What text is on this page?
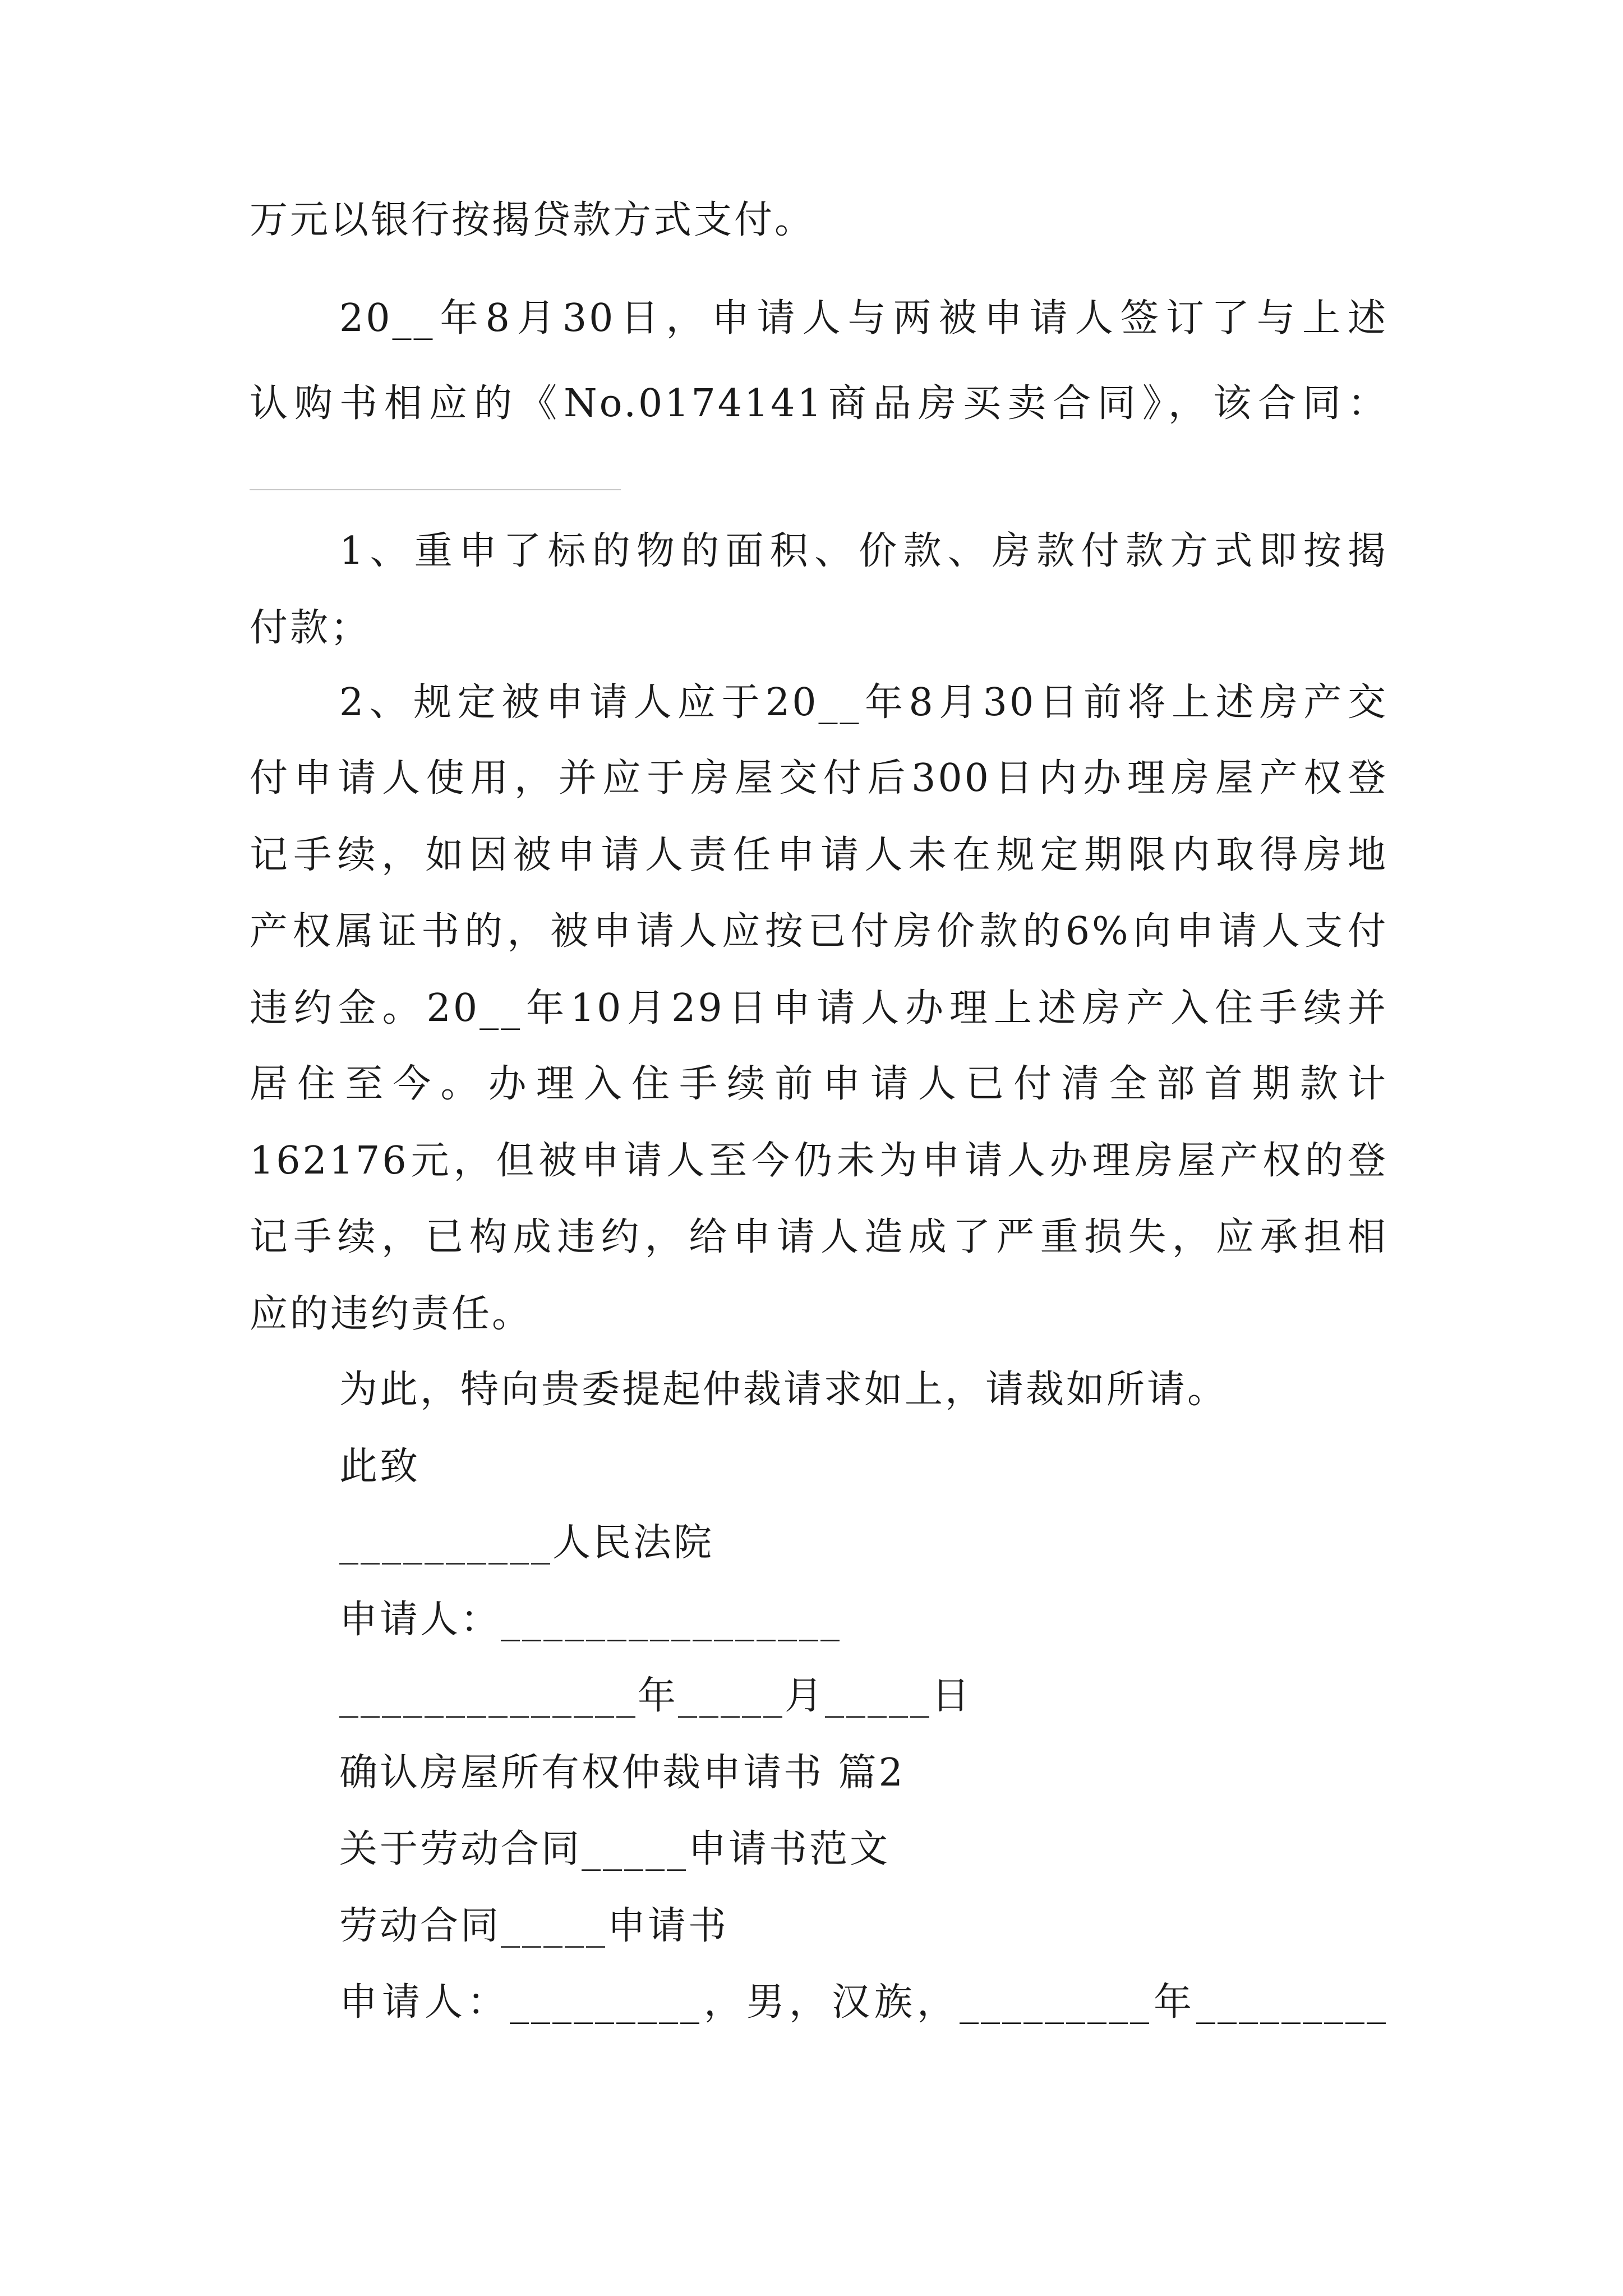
万元以银行按揭贷款方式支付。
20__年8月30日，申请人与两被申请人签订了与上述
认购书相应的《No.0174141商品房买卖合同》，该合同：
1、重申了标的物的面积、价款、房款付款方式即按揭
付款；
2、规定被申请人应于20__年8月30日前将上述房产交
付申请人使用，并应于房屋交付后300日内办理房屋产权登
记手续，如因被申请人责任申请人未在规定期限内取得房地
产权属证书的，被申请人应按已付房价款的6%向申请人支付
违约金。20__年10月29日申请人办理上述房产入住手续并
居住至今。办理入住手续前申请人已付清全部首期款计
162176元，但被申请人至今仍未为申请人办理房屋产权的登
记手续，已构成违约，给申请人造成了严重损失，应承担相
应的违约责任。
为此，特向贵委提起仲裁请求如上，请裁如所请。
此致
__________人民法院
申请人：________________
______________年_____月_____日
确认房屋所有权仲裁申请书 篇2
关于劳动合同_____申请书范文
劳动合同_____申请书
申请人：_________，男，汉族，_________年_________
